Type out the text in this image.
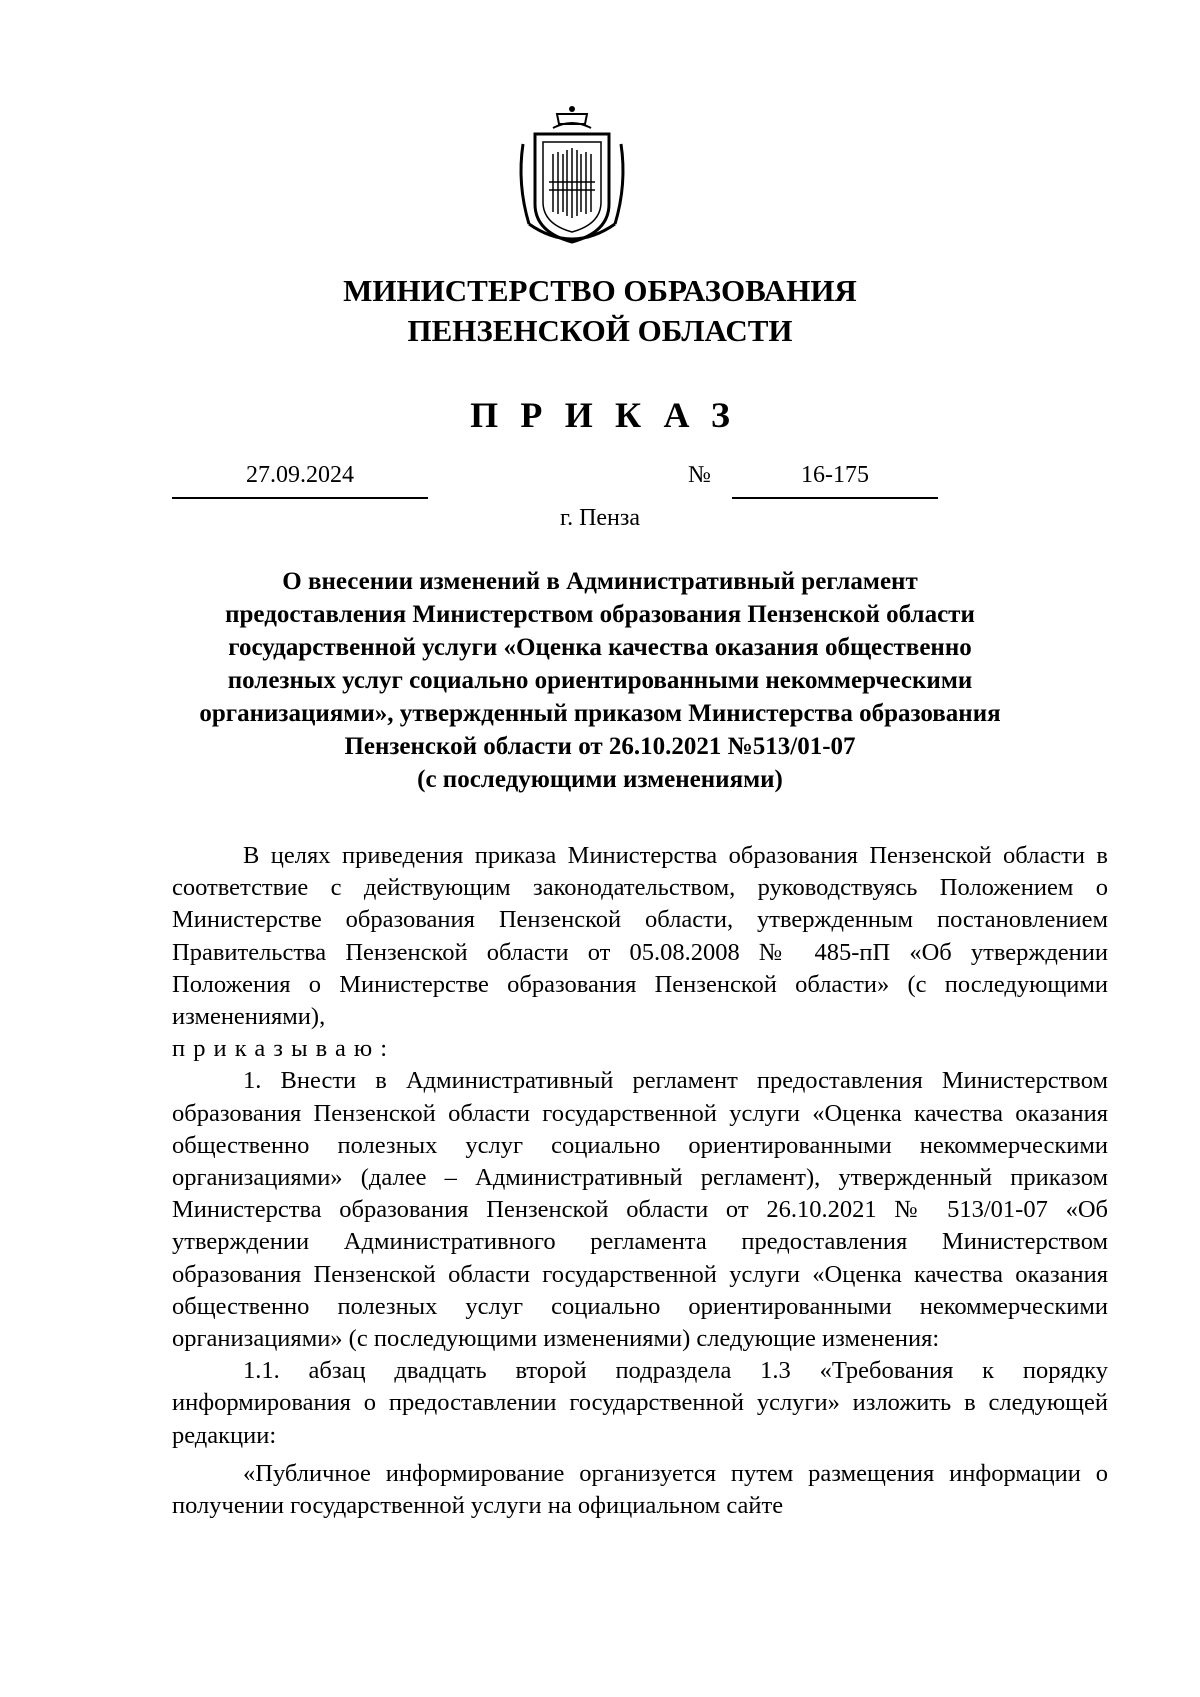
МИНИСТЕРСТВО ОБРАЗОВАНИЯ
ПЕНЗЕНСКОЙ ОБЛАСТИ
ПРИКАЗ
27.09.2024	№	16-175
г. Пенза
О внесении изменений в Административный регламент
предоставления Министерством образования Пензенской области
государственной услуги «Оценка качества оказания общественно
полезных услуг социально ориентированными некоммерческими
организациями», утвержденный приказом Министерства образования
Пензенской области от 26.10.2021 №513/01-07
(с последующими изменениями)

В целях приведения приказа Министерства образования Пензенской области в соответствие с действующим законодательством, руководствуясь Положением о Министерстве образования Пензенской области, утвержденным постановлением Правительства Пензенской области от 05.08.2008 № 485-пП «Об утверждении Положения о Министерстве образования Пензенской области» (с последующими изменениями),

приказываю:

1. Внести в Административный регламент предоставления Министерством образования Пензенской области государственной услуги «Оценка качества оказания общественно полезных услуг социально ориентированными некоммерческими организациями» (далее – Административный регламент), утвержденный приказом Министерства образования Пензенской области от 26.10.2021 № 513/01-07 «Об утверждении Административного регламента предоставления Министерством образования Пензенской области государственной услуги «Оценка качества оказания общественно полезных услуг социально ориентированными некоммерческими организациями» (с последующими изменениями) следующие изменения:

1.1. абзац двадцать второй подраздела 1.3 «Требования к порядку информирования о предоставлении государственной услуги» изложить в следующей редакции:

«Публичное информирование организуется путем размещения информации о получении государственной услуги на официальном сайте
